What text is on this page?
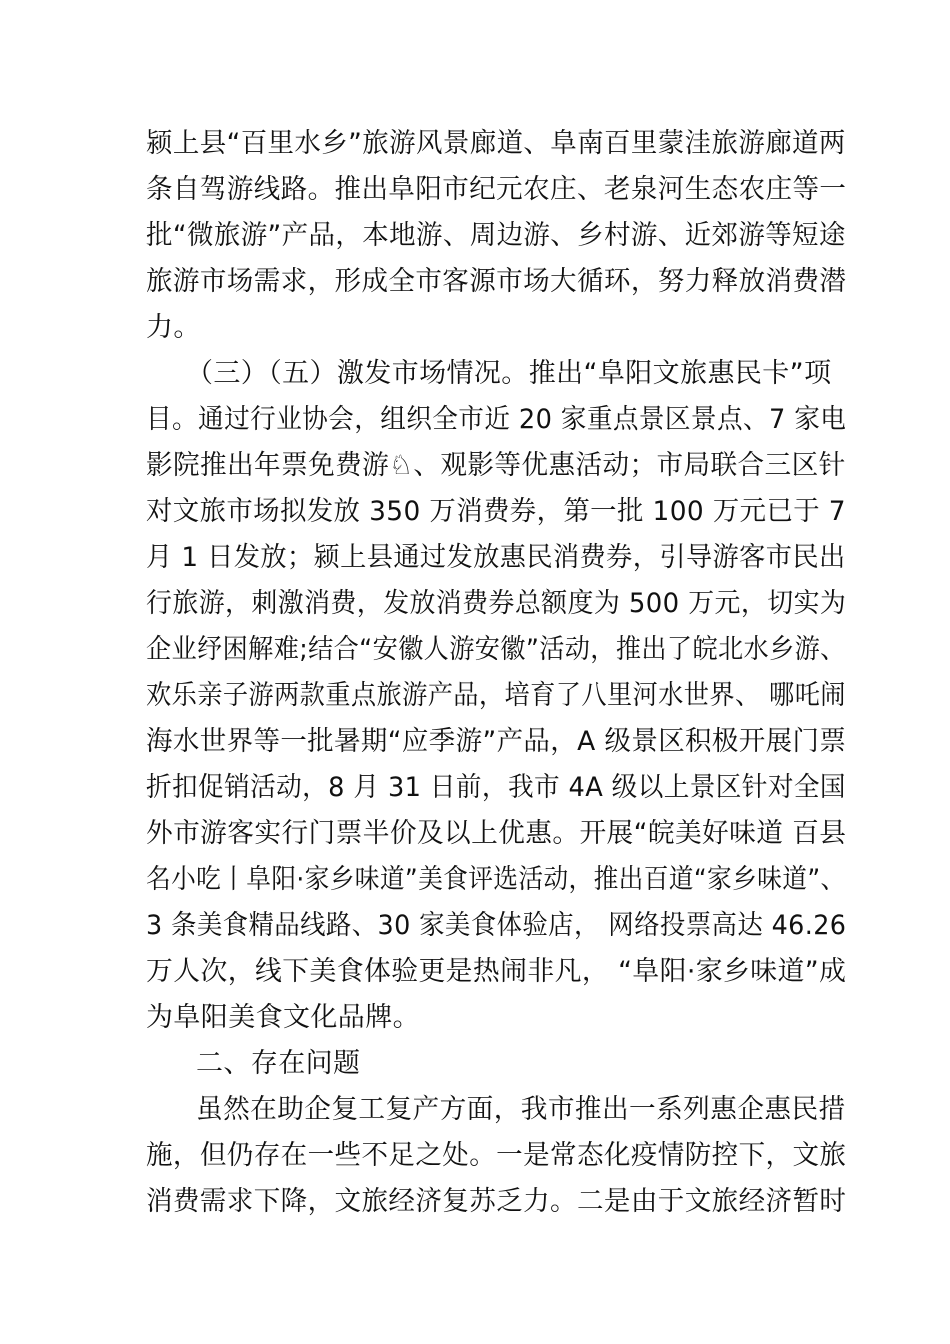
颍上县“百里水乡”旅游风景廊道、阜南百里蒙洼旅游廊道两
条自驾游线路。推出阜阳市纪元农庄、老泉河生态农庄等一
批“微旅游”产品，本地游、周边游、乡村游、近郊游等短途
旅游市场需求，形成全市客源市场大循环，努力释放消费潜
力。
（三）（五）激发市场情况。推出“阜阳文旅惠民卡”项
目。通过行业协会，组织全市近 20 家重点景区景点、7 家电
影院推出年票免费游♘、观影等优惠活动；市局联合三区针
对文旅市场拟发放 350 万消费券，第一批 100 万元已于 7
月 1 日发放；颍上县通过发放惠民消费券，引导游客市民出
行旅游，刺激消费，发放消费券总额度为 500 万元，切实为
企业纾困解难;结合“安徽人游安徽”活动，推出了皖北水乡游、
欢乐亲子游两款重点旅游产品，培育了八里河水世界、 哪吒闹
海水世界等一批暑期“应季游”产品，A 级景区积极开展门票
折扣促销活动，8 月 31 日前，我市 4A 级以上景区针对全国
外市游客实行门票半价及以上优惠。开展“皖美好味道 百县
名小吃丨阜阳·家乡味道”美食评选活动，推出百道“家乡味道”、
3 条美食精品线路、30 家美食体验店， 网络投票高达 46.26
万人次，线下美食体验更是热闹非凡， “阜阳·家乡味道”成
为阜阳美食文化品牌。
二、存在问题
虽然在助企复工复产方面，我市推出一系列惠企惠民措
施，但仍存在一些不足之处。一是常态化疫情防控下，文旅
消费需求下降，文旅经济复苏乏力。二是由于文旅经济暂时
